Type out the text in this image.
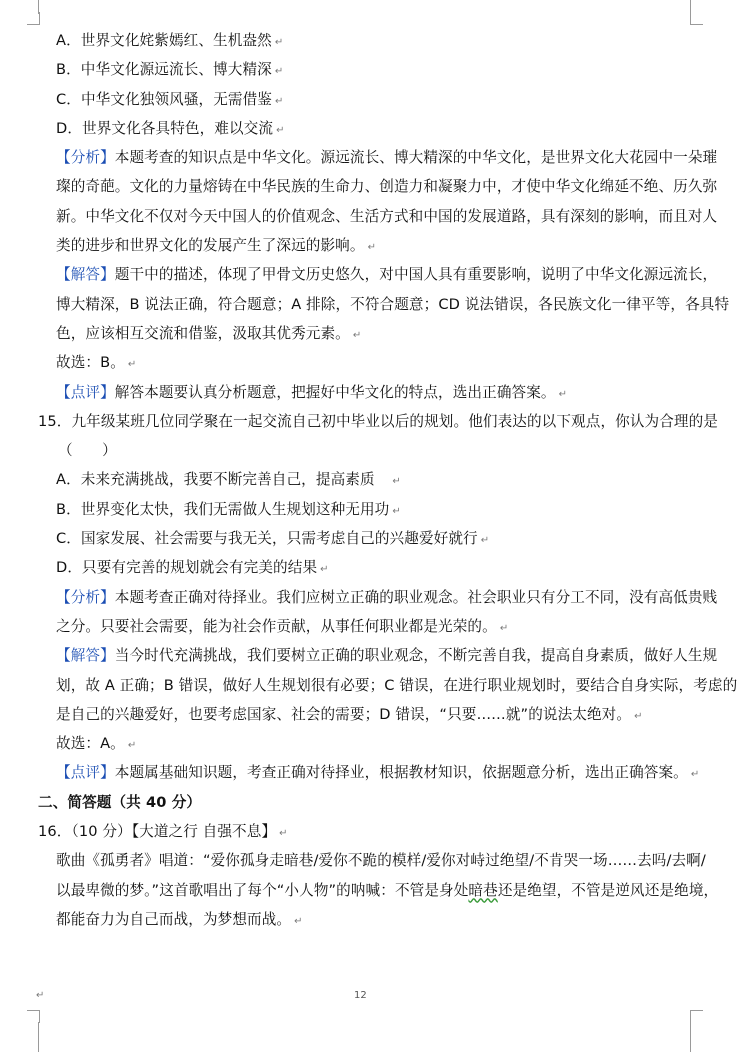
A．世界文化姹紫嫣红、生机盎然 ↵
B．中华文化源远流长、博大精深 ↵
C．中华文化独领风骚，无需借鉴 ↵
D．世界文化各具特色，难以交流 ↵
【分析】本题考查的知识点是中华文化。源远流长、博大精深的中华文化，是世界文化大花园中一朵璀
璨的奇葩。文化的力量熔铸在中华民族的生命力、创造力和凝聚力中，才使中华文化绵延不绝、历久弥
新。中华文化不仅对今天中国人的价值观念、生活方式和中国的发展道路，具有深刻的影响，而且对人
类的进步和世界文化的发展产生了深远的影响。 ↵
【解答】题干中的描述，体现了甲骨文历史悠久，对中国人具有重要影响，说明了中华文化源远流长，
博大精深，B 说法正确，符合题意；A 排除，不符合题意；CD 说法错误，各民族文化一律平等，各具特
色，应该相互交流和借鉴，汲取其优秀元素。 ↵
故选：B。 ↵
【点评】解答本题要认真分析题意，把握好中华文化的特点，选出正确答案。 ↵
15．九年级某班几位同学聚在一起交流自己初中毕业以后的规划。他们表达的以下观点，你认为合理的是
（　　）
A．未来充满挑战，我要不断完善自己，提高素质　↵
B．世界变化太快，我们无需做人生规划这种无用功 ↵
C．国家发展、社会需要与我无关，只需考虑自己的兴趣爱好就行 ↵
D．只要有完善的规划就会有完美的结果 ↵
【分析】本题考查正确对待择业。我们应树立正确的职业观念。社会职业只有分工不同，没有高低贵贱
之分。只要社会需要，能为社会作贡献，从事任何职业都是光荣的。 ↵
【解答】当今时代充满挑战，我们要树立正确的职业观念，不断完善自我，提高自身素质，做好人生规
划，故 A 正确；B 错误，做好人生规划很有必要；C 错误，在进行职业规划时，要结合自身实际，考虑的
是自己的兴趣爱好，也要考虑国家、社会的需要；D 错误，“只要……就”的说法太绝对。 ↵
故选：A。 ↵
【点评】本题属基础知识题，考查正确对待择业，根据教材知识，依据题意分析，选出正确答案。 ↵
二、简答题（共 40 分）
16．（10 分）【大道之行 自强不息】 ↵
歌曲《孤勇者》唱道：“爱你孤身走暗巷/爱你不跪的模样/爱你对峙过绝望/不肯哭一场……去吗/去啊/
以最卑微的梦。”这首歌唱出了每个“小人物”的呐喊：不管是身处暗巷还是绝望，不管是逆风还是绝境，
都能奋力为自己而战，为梦想而战。 ↵
↵	12
